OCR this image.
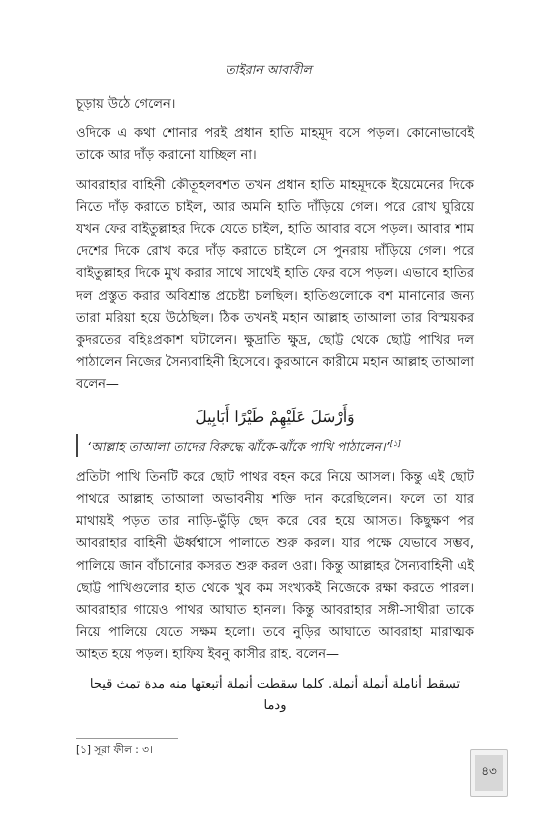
তাইরান আবাবীল

চূড়ায় উঠে গেলেন।

ওদিকে এ কথা শোনার পরই প্রধান হাতি মাহমূদ বসে পড়ল। কোনোভাবেই তাকে আর দাঁড় করানো যাচ্ছিল না।

আবরাহার বাহিনী কৌতূহলবশত তখন প্রধান হাতি মাহমূদকে ইয়েমেনের দিকে নিতে দাঁড় করাতে চাইল, আর অমনি হাতি দাঁড়িয়ে গেল। পরে রোখ ঘুরিয়ে যখন ফের বাইতুল্লাহর দিকে যেতে চাইল, হাতি আবার বসে পড়ল। আবার শাম দেশের দিকে রোখ করে দাঁড় করাতে চাইলে সে পুনরায় দাঁড়িয়ে গেল। পরে বাইতুল্লাহর দিকে মুখ করার সাথে সাথেই হাতি ফের বসে পড়ল। এভাবে হাতির দল প্রস্তুত করার অবিশ্রান্ত প্রচেষ্টা চলছিল। হাতিগুলোকে বশ মানানোর জন্য তারা মরিয়া হয়ে উঠেছিল। ঠিক তখনই মহান আল্লাহ তাআলা তার বিস্ময়কর কুদরতের বহিঃপ্রকাশ ঘটালেন। ক্ষুদ্রাতি ক্ষুদ্র, ছোট্ট থেকে ছোট্ট পাখির দল পাঠালেন নিজের সৈন্যবাহিনী হিসেবে। কুরআনে কারীমে মহান আল্লাহ তাআলা বলেন—

وَأَرْسَلَ عَلَيْهِمْ طَيْرًا أَبَابِيلَ
‘আল্লাহ তাআলা তাদের বিরুদ্ধে ঝাঁকে-ঝাঁকে পাখি পাঠালেন।’[১]

প্রতিটা পাখি তিনটি করে ছোট পাথর বহন করে নিয়ে আসল। কিন্তু এই ছোট পাথরে আল্লাহ তাআলা অভাবনীয় শক্তি দান করেছিলেন। ফলে তা যার মাথায়ই পড়ত তার নাড়ি-ভুঁড়ি ছেদ করে বের হয়ে আসত। কিছুক্ষণ পর আবরাহার বাহিনী ঊর্ধ্বশ্বাসে পালাতে শুরু করল। যার পক্ষে যেভাবে সম্ভব, পালিয়ে জান বাঁচানোর কসরত শুরু করল ওরা। কিন্তু আল্লাহর সৈন্যবাহিনী এই ছোট্ট পাখিগুলোর হাত থেকে খুব কম সংখ্যকই নিজেকে রক্ষা করতে পারল। আবরাহার গায়েও পাথর আঘাত হানল। কিন্তু আবরাহার সঙ্গী-সাথীরা তাকে নিয়ে পালিয়ে যেতে সক্ষম হলো। তবে নুড়ির আঘাতে আবরাহা মারাত্মক আহত হয়ে পড়ল। হাফিয ইবনু কাসীর রাহ. বলেন—

تسقط أناملة أنملة أنملة. كلما سقطت أنملة أتبعتها منه مدة تمث قيحا ودما
[১] সূরা ফীল : ৩।
৪৩
